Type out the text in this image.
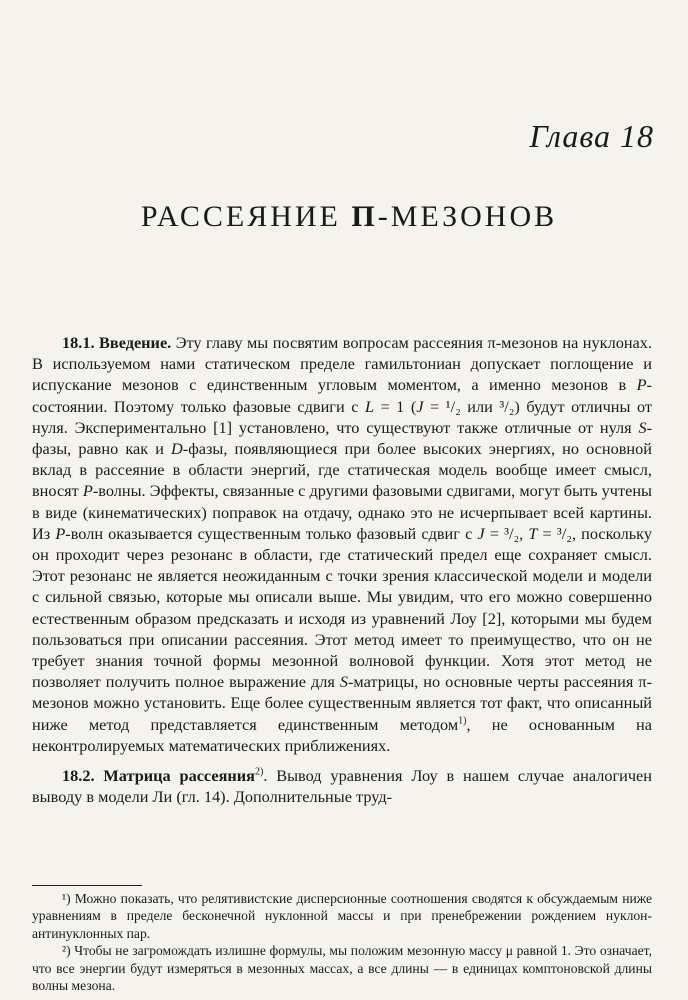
Глава 18
РАССЕЯНИЕ П-МЕЗОНОВ

18.1. Введение. Эту главу мы посвятим вопросам рассеяния π-мезонов на нуклонах. В используемом нами статическом пределе гамильтониан допускает поглощение и испускание мезонов с единственным угловым моментом, а именно мезонов в P-состоянии. Поэтому только фазовые сдвиги с L = 1 (J = ¹/₂ или ³/₂) будут отличны от нуля. Экспериментально [1] установлено, что существуют также отличные от нуля S-фазы, равно как и D-фазы, появляющиеся при более высоких энергиях, но основной вклад в рассеяние в области энергий, где статическая модель вообще имеет смысл, вносят P-волны. Эффекты, связанные с другими фазовыми сдвигами, могут быть учтены в виде (кинематических) поправок на отдачу, однако это не исчерпывает всей картины. Из P-волн оказывается существенным только фазовый сдвиг с J = ³/₂, T = ³/₂, поскольку он проходит через резонанс в области, где статический предел еще сохраняет смысл. Этот резонанс не является неожиданным с точки зрения классической модели и модели с сильной связью, которые мы описали выше. Мы увидим, что его можно совершенно естественным образом предсказать и исходя из уравнений Лоу [2], которыми мы будем пользоваться при описании рассеяния. Этот метод имеет то преимущество, что он не требует знания точной формы мезонной волновой функции. Хотя этот метод не позволяет получить полное выражение для S-матрицы, но основные черты рассеяния π-мезонов можно установить. Еще более существенным является тот факт, что описанный ниже метод представляется единственным методом$^{1)}$, не основанным на неконтролируемых математических приближениях.

18.2. Матрица рассеяния$^{2)}$. Вывод уравнения Лоу в нашем случае аналогичен выводу в модели Ли (гл. 14). Дополнительные труд-

¹) Можно показать, что релятивистские дисперсионные соотношения сводятся к обсуждаемым ниже уравнениям в пределе бесконечной нуклонной массы и при пренебрежении рождением нуклон-антинуклонных пар.

²) Чтобы не загромождать излишне формулы, мы положим мезонную массу μ равной 1. Это означает, что все энергии будут измеряться в мезонных массах, а все длины — в единицах комптоновской длины волны мезона.
